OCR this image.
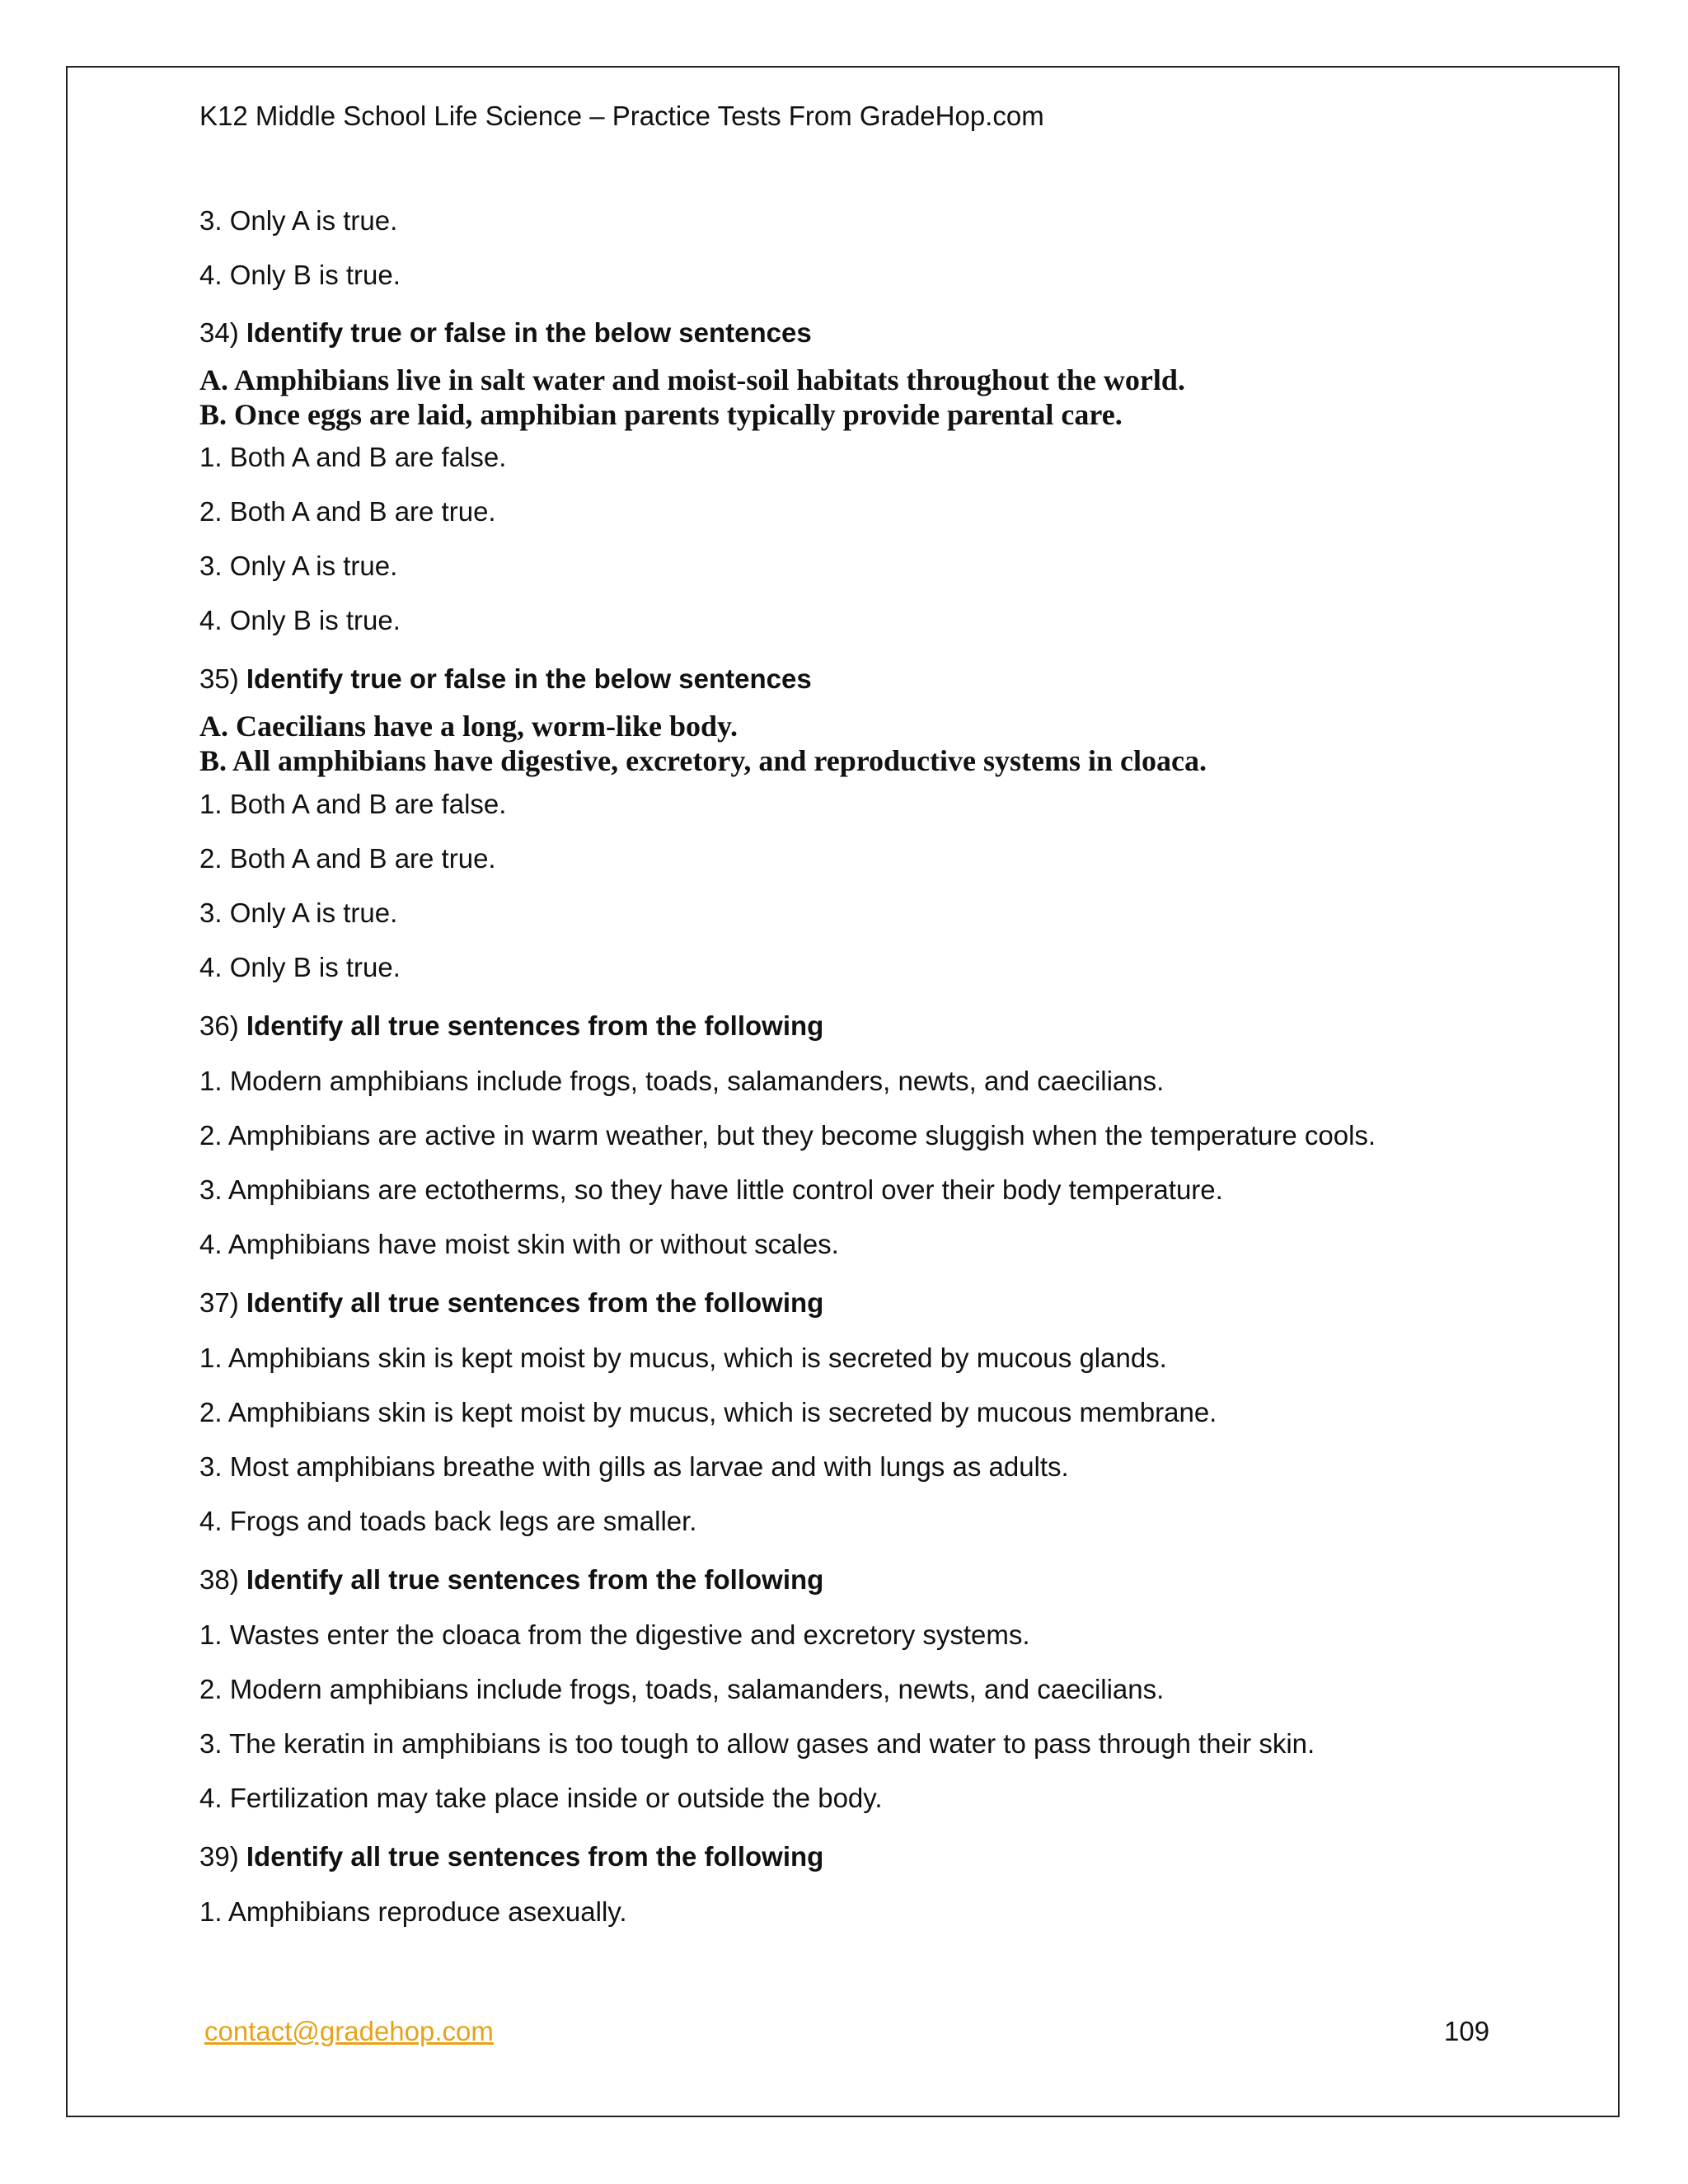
K12 Middle School Life Science – Practice Tests From GradeHop.com
3. Only A is true.
4. Only B is true.
34) Identify true or false in the below sentences
A. Amphibians live in salt water and moist-soil habitats throughout the world.
B. Once eggs are laid, amphibian parents typically provide parental care.
1. Both A and B are false.
2. Both A and B are true.
3. Only A is true.
4. Only B is true.
35) Identify true or false in the below sentences
A. Caecilians have a long, worm-like body.
B. All amphibians have digestive, excretory, and reproductive systems in cloaca.
1. Both A and B are false.
2. Both A and B are true.
3. Only A is true.
4. Only B is true.
36) Identify all true sentences from the following
1. Modern amphibians include frogs, toads, salamanders, newts, and caecilians.
2. Amphibians are active in warm weather, but they become sluggish when the temperature cools.
3. Amphibians are ectotherms, so they have little control over their body temperature.
4. Amphibians have moist skin with or without scales.
37) Identify all true sentences from the following
1. Amphibians skin is kept moist by mucus, which is secreted by mucous glands.
2. Amphibians skin is kept moist by mucus, which is secreted by mucous membrane.
3. Most amphibians breathe with gills as larvae and with lungs as adults.
4. Frogs and toads back legs are smaller.
38) Identify all true sentences from the following
1. Wastes enter the cloaca from the digestive and excretory systems.
2. Modern amphibians include frogs, toads, salamanders, newts, and caecilians.
3. The keratin in amphibians is too tough to allow gases and water to pass through their skin.
4. Fertilization may take place inside or outside the body.
39) Identify all true sentences from the following
1. Amphibians reproduce asexually.
contact@gradehop.com	109
